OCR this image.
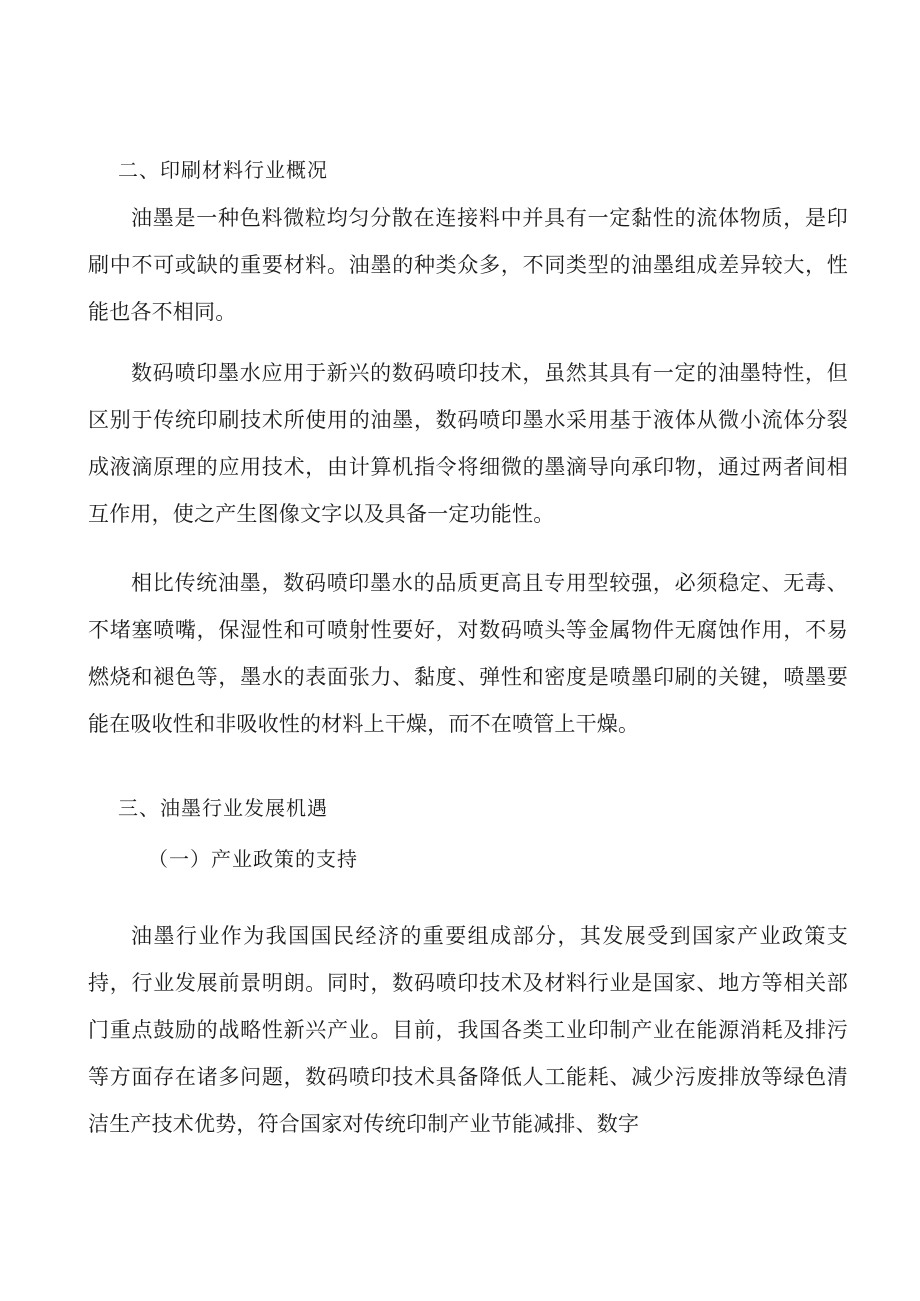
二、印刷材料行业概况

油墨是一种色料微粒均匀分散在连接料中并具有一定黏性的流体物质，是印刷中不可或缺的重要材料。油墨的种类众多，不同类型的油墨组成差异较大，性能也各不相同。

数码喷印墨水应用于新兴的数码喷印技术，虽然其具有一定的油墨特性，但区别于传统印刷技术所使用的油墨，数码喷印墨水采用基于液体从微小流体分裂成液滴原理的应用技术，由计算机指令将细微的墨滴导向承印物，通过两者间相互作用，使之产生图像文字以及具备一定功能性。

相比传统油墨，数码喷印墨水的品质更高且专用型较强，必须稳定、无毒、不堵塞喷嘴，保湿性和可喷射性要好，对数码喷头等金属物件无腐蚀作用，不易燃烧和褪色等，墨水的表面张力、黏度、弹性和密度是喷墨印刷的关键，喷墨要能在吸收性和非吸收性的材料上干燥，而不在喷管上干燥。

三、油墨行业发展机遇
（一）产业政策的支持

油墨行业作为我国国民经济的重要组成部分，其发展受到国家产业政策支持，行业发展前景明朗。同时，数码喷印技术及材料行业是国家、地方等相关部门重点鼓励的战略性新兴产业。目前，我国各类工业印制产业在能源消耗及排污等方面存在诸多问题，数码喷印技术具备降低人工能耗、减少污废排放等绿色清洁生产技术优势，符合国家对传统印制产业节能减排、数字
